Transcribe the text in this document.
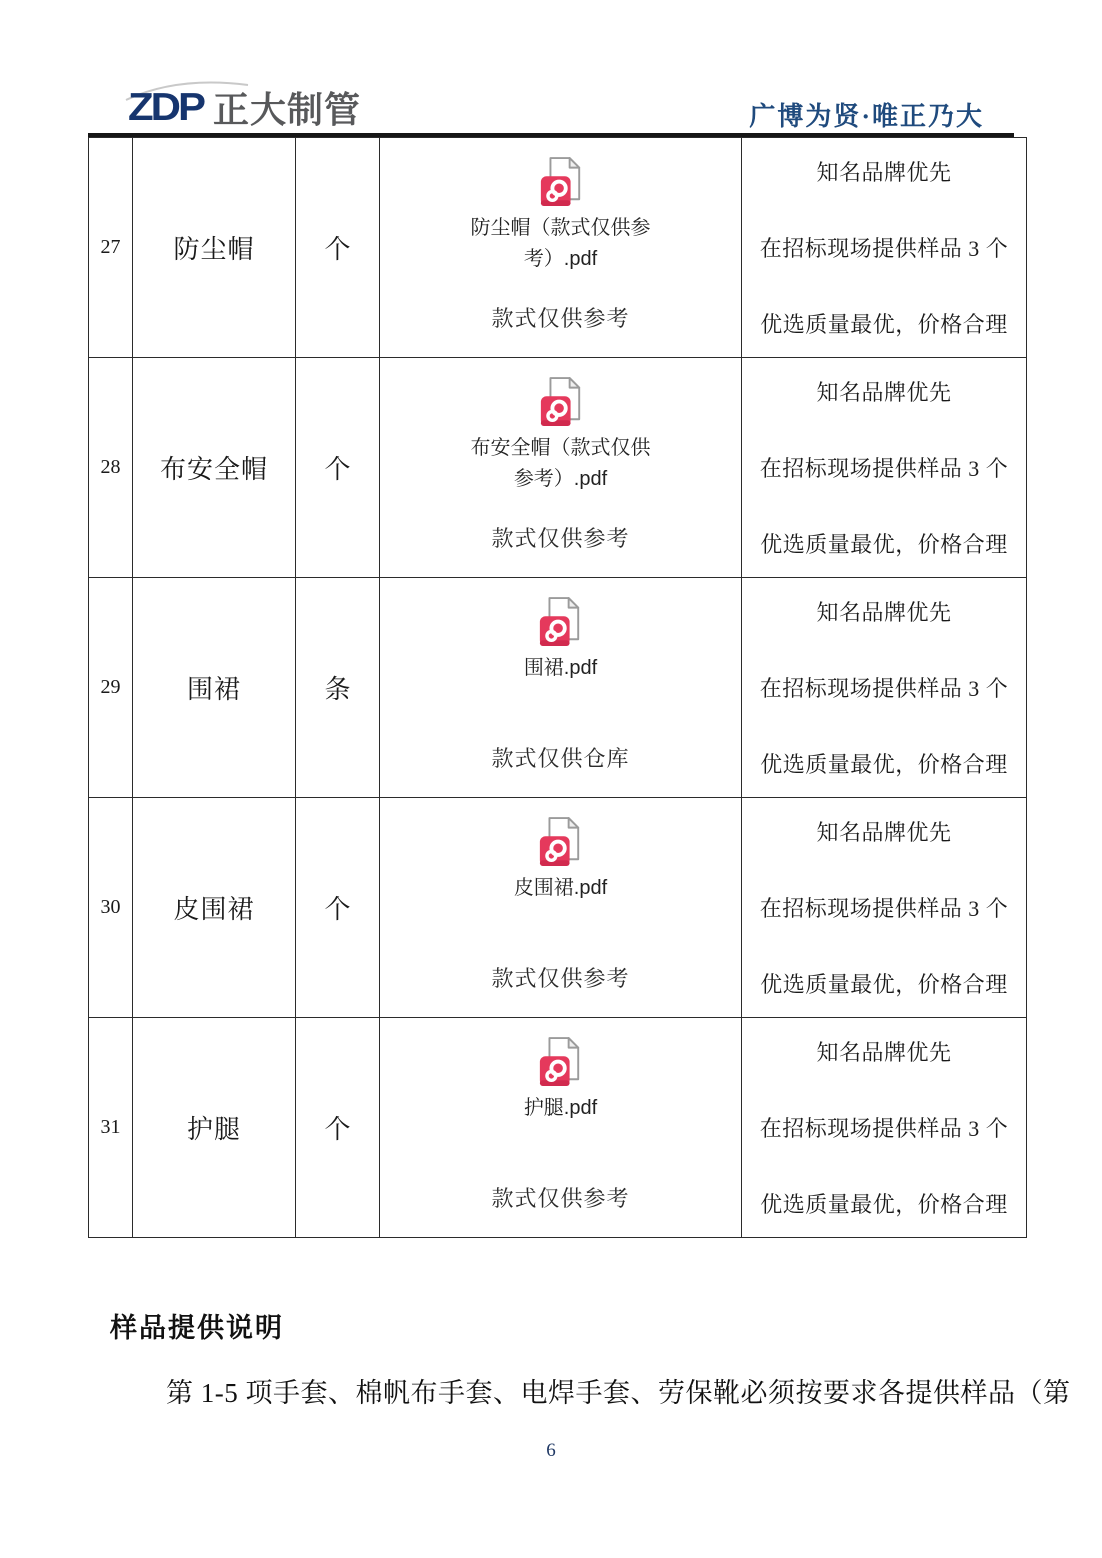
ZDP 正大制管	广博为贤·唯正乃大
27	防尘帽	个	
防尘帽（款式仅供参考）.pdf
款式仅供参考

知名品牌优先
在招标现场提供样品 3 个
优选质量最优，价格合理

28	布安全帽	个	
布安全帽（款式仅供参考）.pdf
款式仅供参考

知名品牌优先
在招标现场提供样品 3 个
优选质量最优，价格合理

29	围裙	条	
围裙.pdf
款式仅供仓库

知名品牌优先
在招标现场提供样品 3 个
优选质量最优，价格合理

30	皮围裙	个	
皮围裙.pdf
款式仅供参考

知名品牌优先
在招标现场提供样品 3 个
优选质量最优，价格合理

31	护腿	个	
护腿.pdf
款式仅供参考

知名品牌优先
在招标现场提供样品 3 个
优选质量最优，价格合理
样品提供说明
第 1-5 项手套、棉帆布手套、电焊手套、劳保靴必须按要求各提供样品（第
6
